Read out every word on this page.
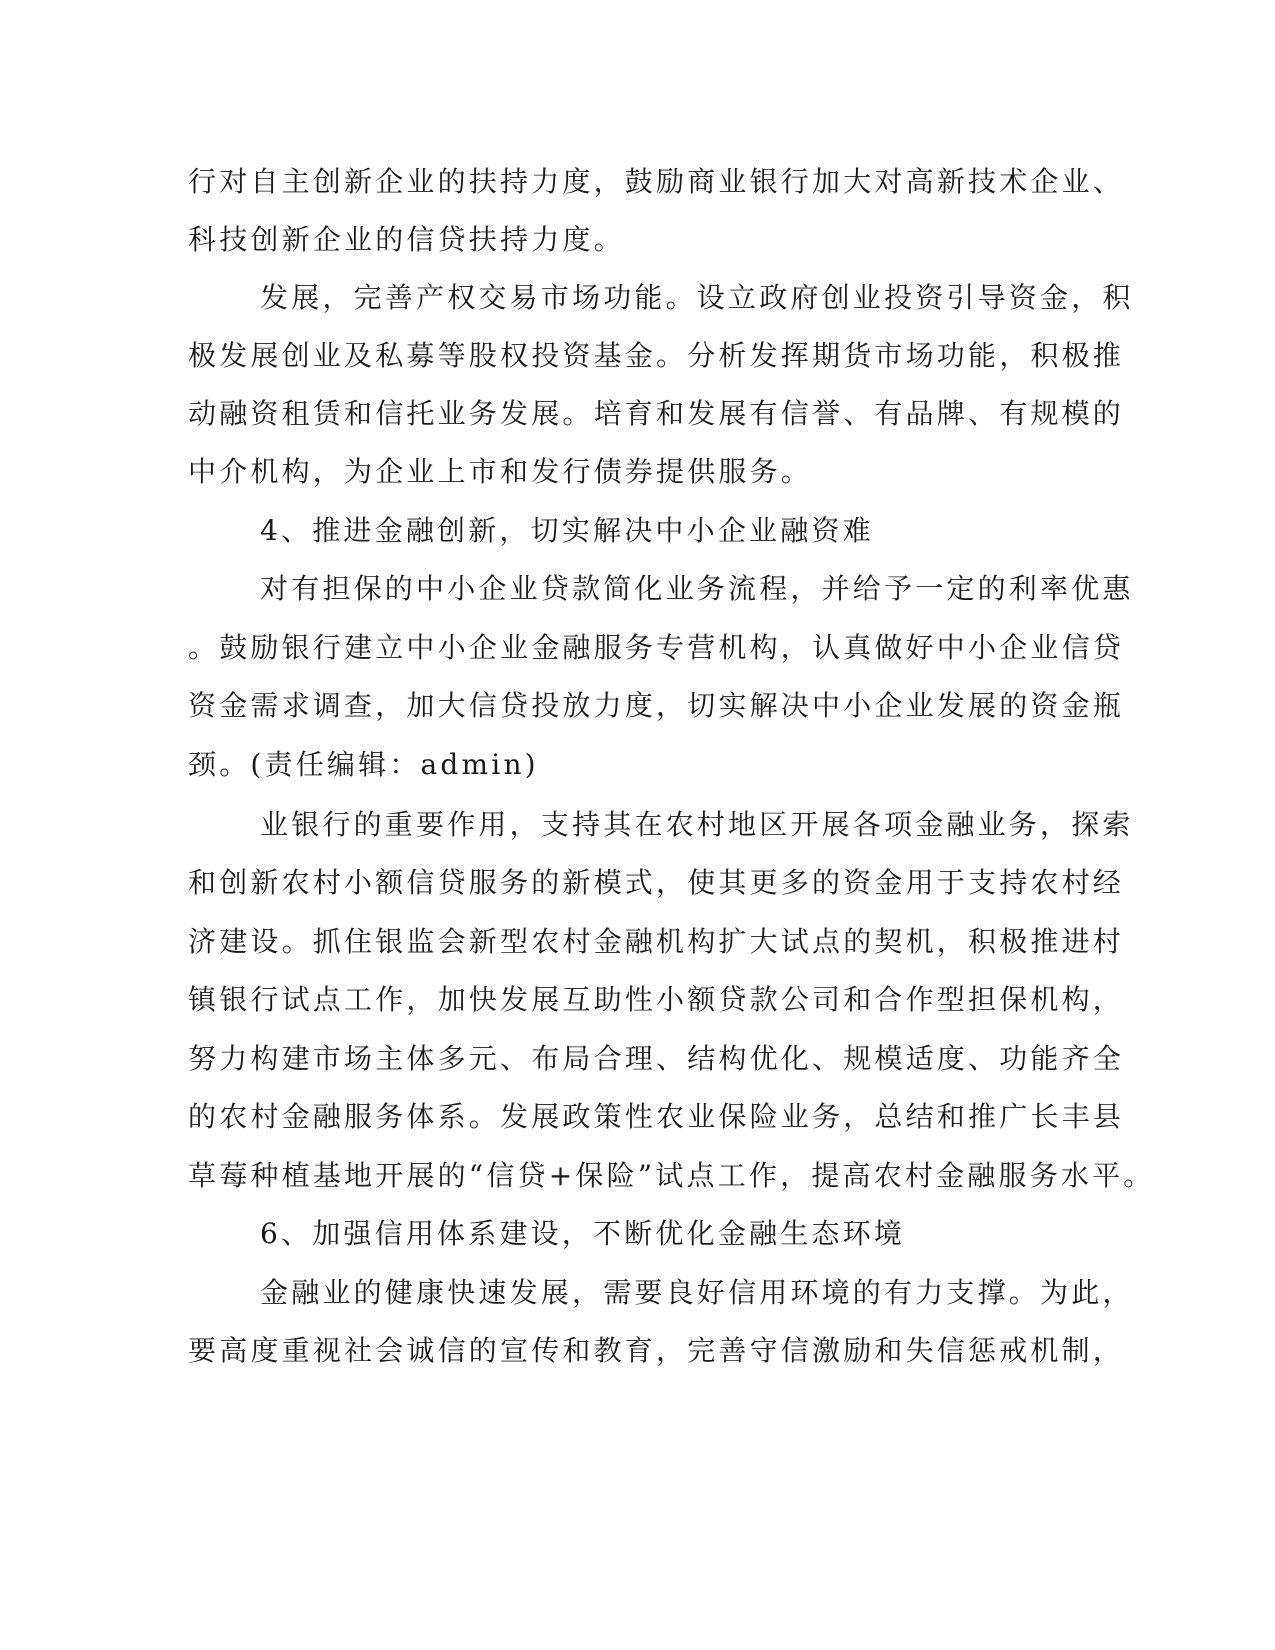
行对自主创新企业的扶持力度，鼓励商业银行加大对高新技术企业、

科技创新企业的信贷扶持力度。

发展，完善产权交易市场功能。设立政府创业投资引导资金，积

极发展创业及私募等股权投资基金。分析发挥期货市场功能，积极推

动融资租赁和信托业务发展。培育和发展有信誉、有品牌、有规模的

中介机构，为企业上市和发行债券提供服务。

4、推进金融创新，切实解决中小企业融资难

对有担保的中小企业贷款简化业务流程，并给予一定的利率优惠

。鼓励银行建立中小企业金融服务专营机构，认真做好中小企业信贷

资金需求调查，加大信贷投放力度，切实解决中小企业发展的资金瓶

颈。(责任编辑：admin)

业银行的重要作用，支持其在农村地区开展各项金融业务，探索

和创新农村小额信贷服务的新模式，使其更多的资金用于支持农村经

济建设。抓住银监会新型农村金融机构扩大试点的契机，积极推进村

镇银行试点工作，加快发展互助性小额贷款公司和合作型担保机构，

努力构建市场主体多元、布局合理、结构优化、规模适度、功能齐全

的农村金融服务体系。发展政策性农业保险业务，总结和推广长丰县

草莓种植基地开展的“信贷+保险”试点工作，提高农村金融服务水平。

6、加强信用体系建设，不断优化金融生态环境

金融业的健康快速发展，需要良好信用环境的有力支撑。为此，

要高度重视社会诚信的宣传和教育，完善守信激励和失信惩戒机制，
